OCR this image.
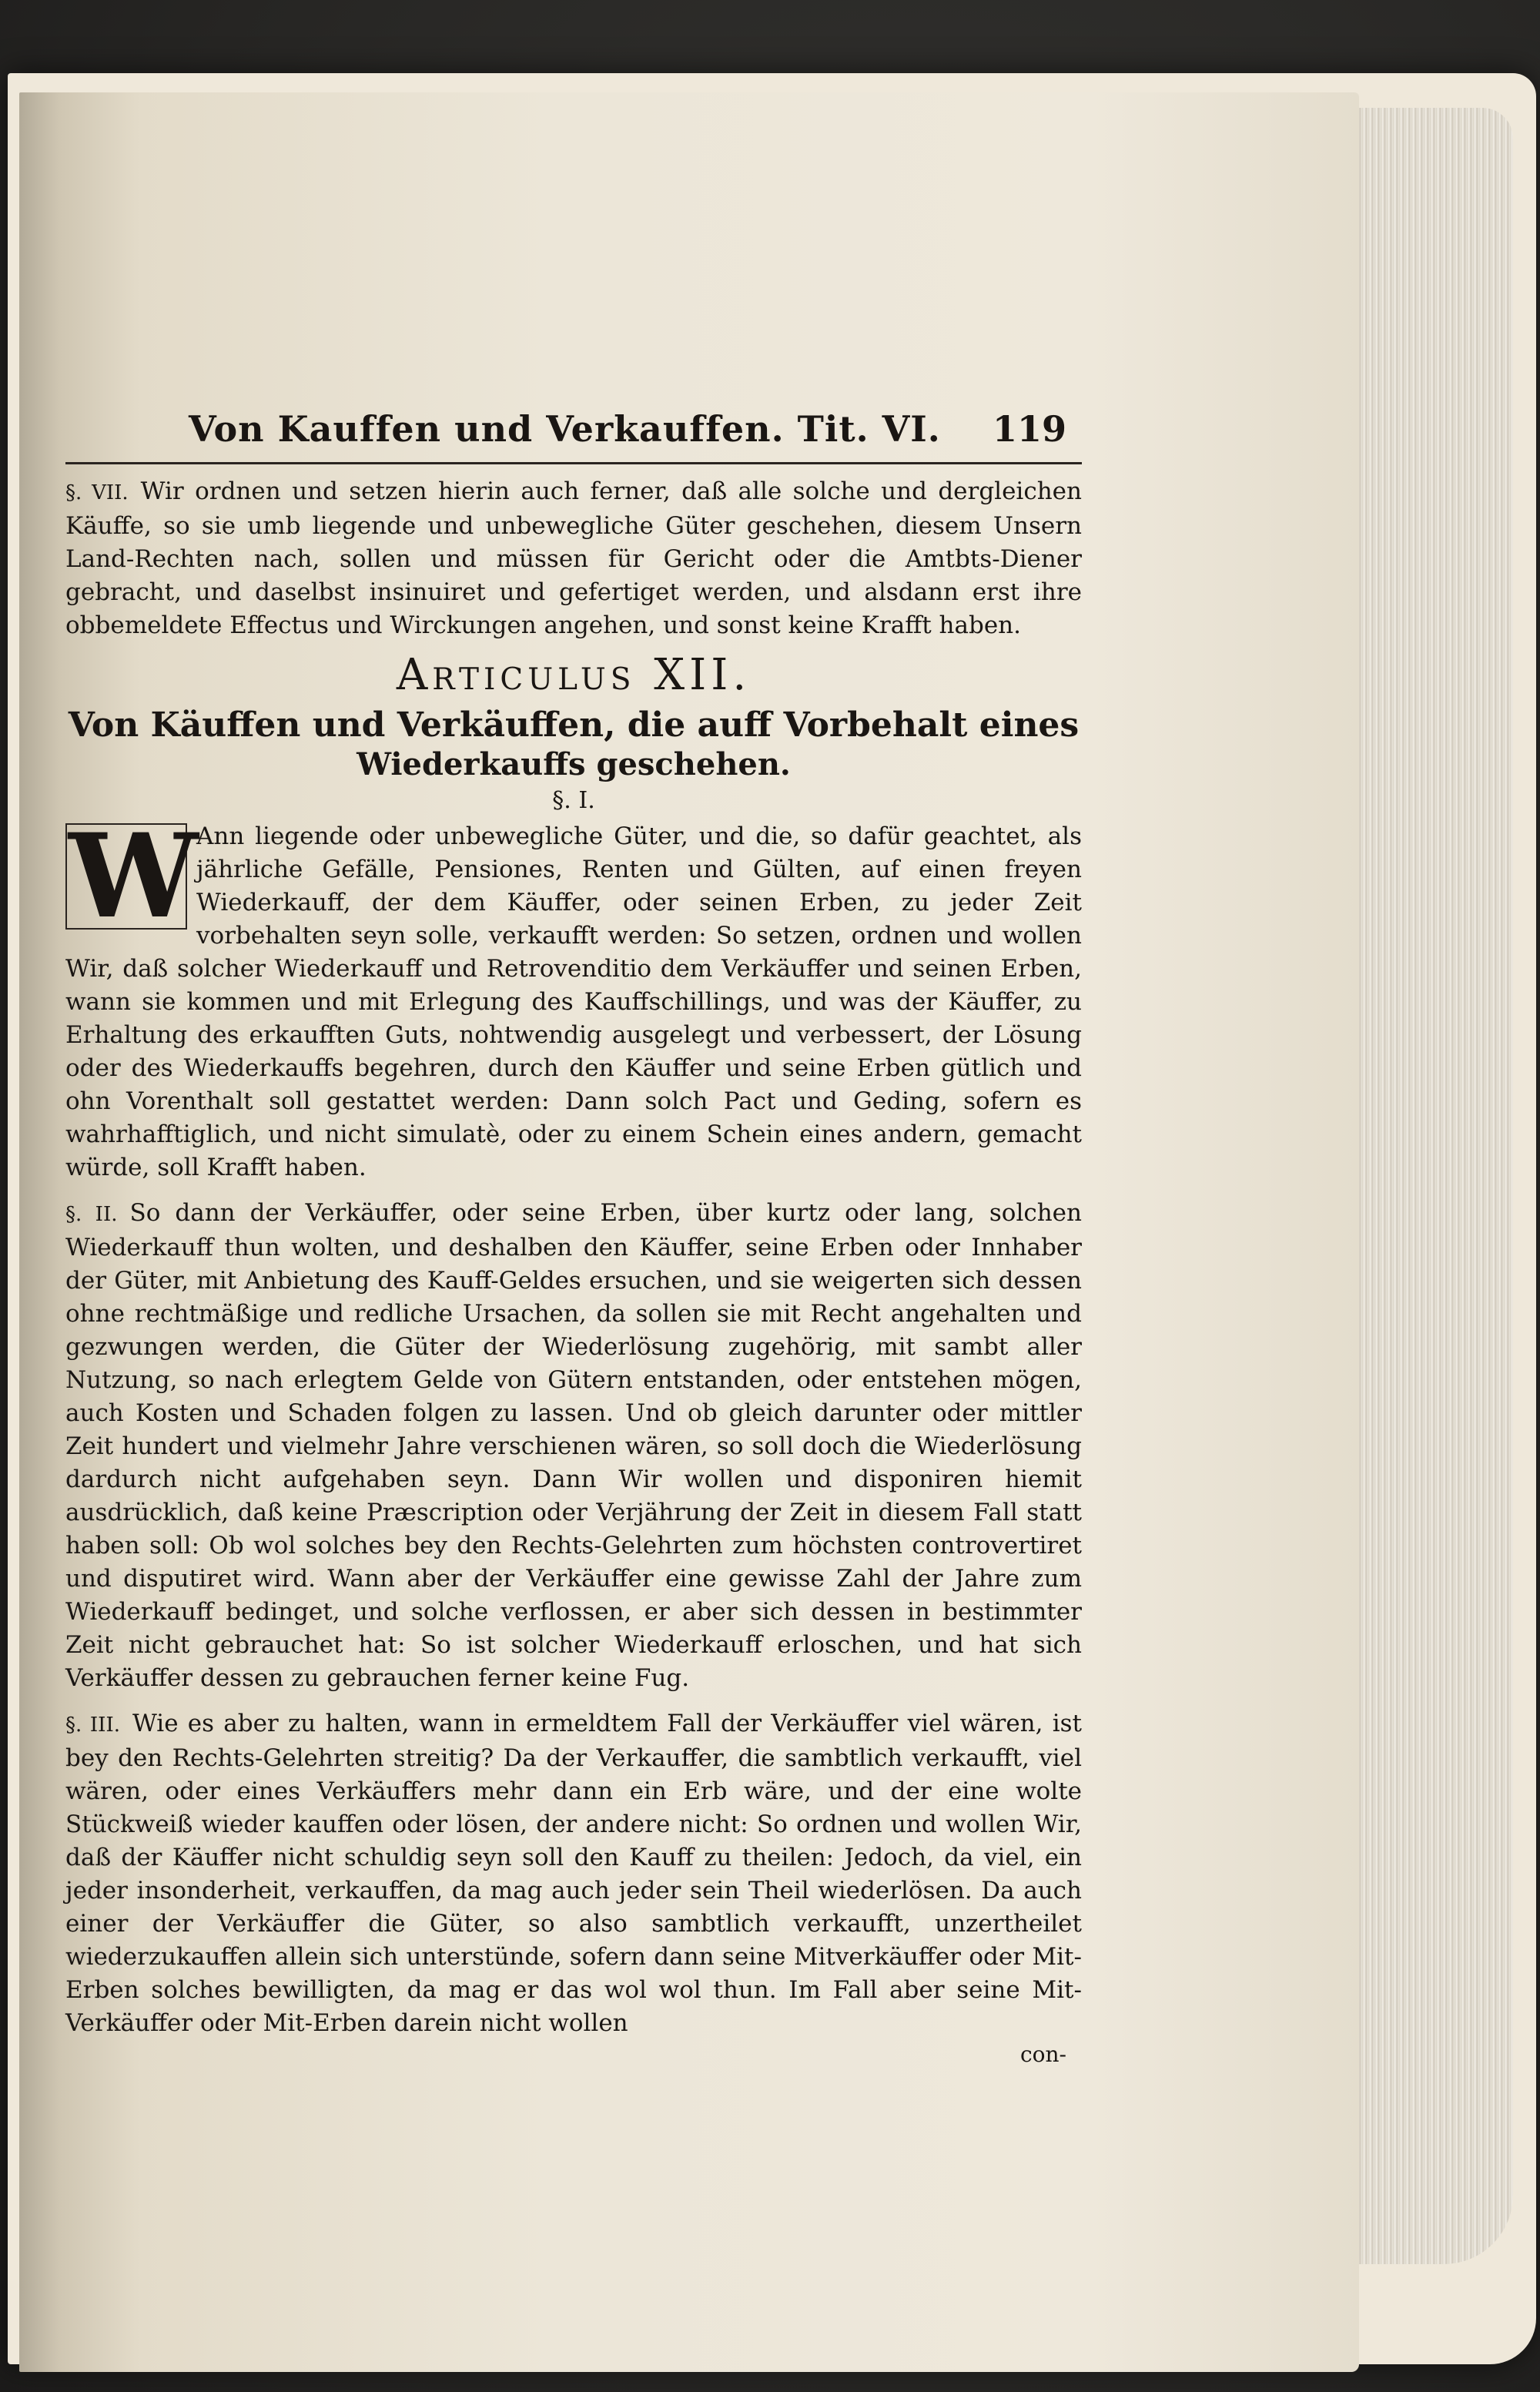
Von Kauffen und Verkauffen. Tit. VI. 119

§. VII. Wir ordnen und setzen hierin auch ferner, daß alle solche und dergleichen Käuffe, so sie umb liegende und unbewegliche Güter geschehen, diesem Unsern Land-Rechten nach, sollen und müssen für Gericht oder die Amtbts-Diener gebracht, und daselbst insinuiret und gefertiget werden, und alsdann erst ihre obbemeldete Effectus und Wirckungen angehen, und sonst keine Krafft haben.

Articulus XII.

Von Käuffen und Verkäuffen, die auff Vorbehalt eines

Wiederkauffs geschehen.

§. I.

W
Ann liegende oder unbewegliche Güter, und die, so dafür geachtet, als jährliche Gefälle, Pensiones, Renten und Gülten, auf einen freyen Wiederkauff, der dem Käuffer, oder seinen Erben, zu jeder Zeit vorbehalten seyn solle, verkaufft werden: So setzen, ordnen und wollen Wir, daß solcher Wiederkauff und Retrovenditio dem Verkäuffer und seinen Erben, wann sie kommen und mit Erlegung des Kauffschillings, und was der Käuffer, zu Erhaltung des erkaufften Guts, nohtwendig ausgelegt und verbessert, der Lösung oder des Wiederkauffs begehren, durch den Käuffer und seine Erben gütlich und ohn Vorenthalt soll gestattet werden: Dann solch Pact und Geding, sofern es wahrhafftiglich, und nicht simulatè, oder zu einem Schein eines andern, gemacht würde, soll Krafft haben.

§. II. So dann der Verkäuffer, oder seine Erben, über kurtz oder lang, solchen Wiederkauff thun wolten, und deshalben den Käuffer, seine Erben oder Innhaber der Güter, mit Anbietung des Kauff-Geldes ersuchen, und sie weigerten sich dessen ohne rechtmäßige und redliche Ursachen, da sollen sie mit Recht angehalten und gezwungen werden, die Güter der Wiederlösung zugehörig, mit sambt aller Nutzung, so nach erlegtem Gelde von Gütern entstanden, oder entstehen mögen, auch Kosten und Schaden folgen zu lassen. Und ob gleich darunter oder mittler Zeit hundert und vielmehr Jahre verschienen wären, so soll doch die Wiederlösung dardurch nicht aufgehaben seyn. Dann Wir wollen und disponiren hiemit ausdrücklich, daß keine Præscription oder Verjährung der Zeit in diesem Fall statt haben soll: Ob wol solches bey den Rechts-Gelehrten zum höchsten controvertiret und disputiret wird. Wann aber der Verkäuffer eine gewisse Zahl der Jahre zum Wiederkauff bedinget, und solche verflossen, er aber sich dessen in bestimmter Zeit nicht gebrauchet hat: So ist solcher Wiederkauff erloschen, und hat sich Verkäuffer dessen zu gebrauchen ferner keine Fug.

§. III. Wie es aber zu halten, wann in ermeldtem Fall der Verkäuffer viel wären, ist bey den Rechts-Gelehrten streitig? Da der Verkauffer, die sambtlich verkaufft, viel wären, oder eines Verkäuffers mehr dann ein Erb wäre, und der eine wolte Stückweiß wieder kauffen oder lösen, der andere nicht: So ordnen und wollen Wir, daß der Käuffer nicht schuldig seyn soll den Kauff zu theilen: Jedoch, da viel, ein jeder insonderheit, verkauffen, da mag auch jeder sein Theil wiederlösen. Da auch einer der Verkäuffer die Güter, so also sambtlich verkaufft, unzertheilet wiederzukauffen allein sich unterstünde, sofern dann seine Mitverkäuffer oder Mit-Erben solches bewilligten, da mag er das wol wol thun. Im Fall aber seine Mit-Verkäuffer oder Mit-Erben darein nicht wollen

con-
